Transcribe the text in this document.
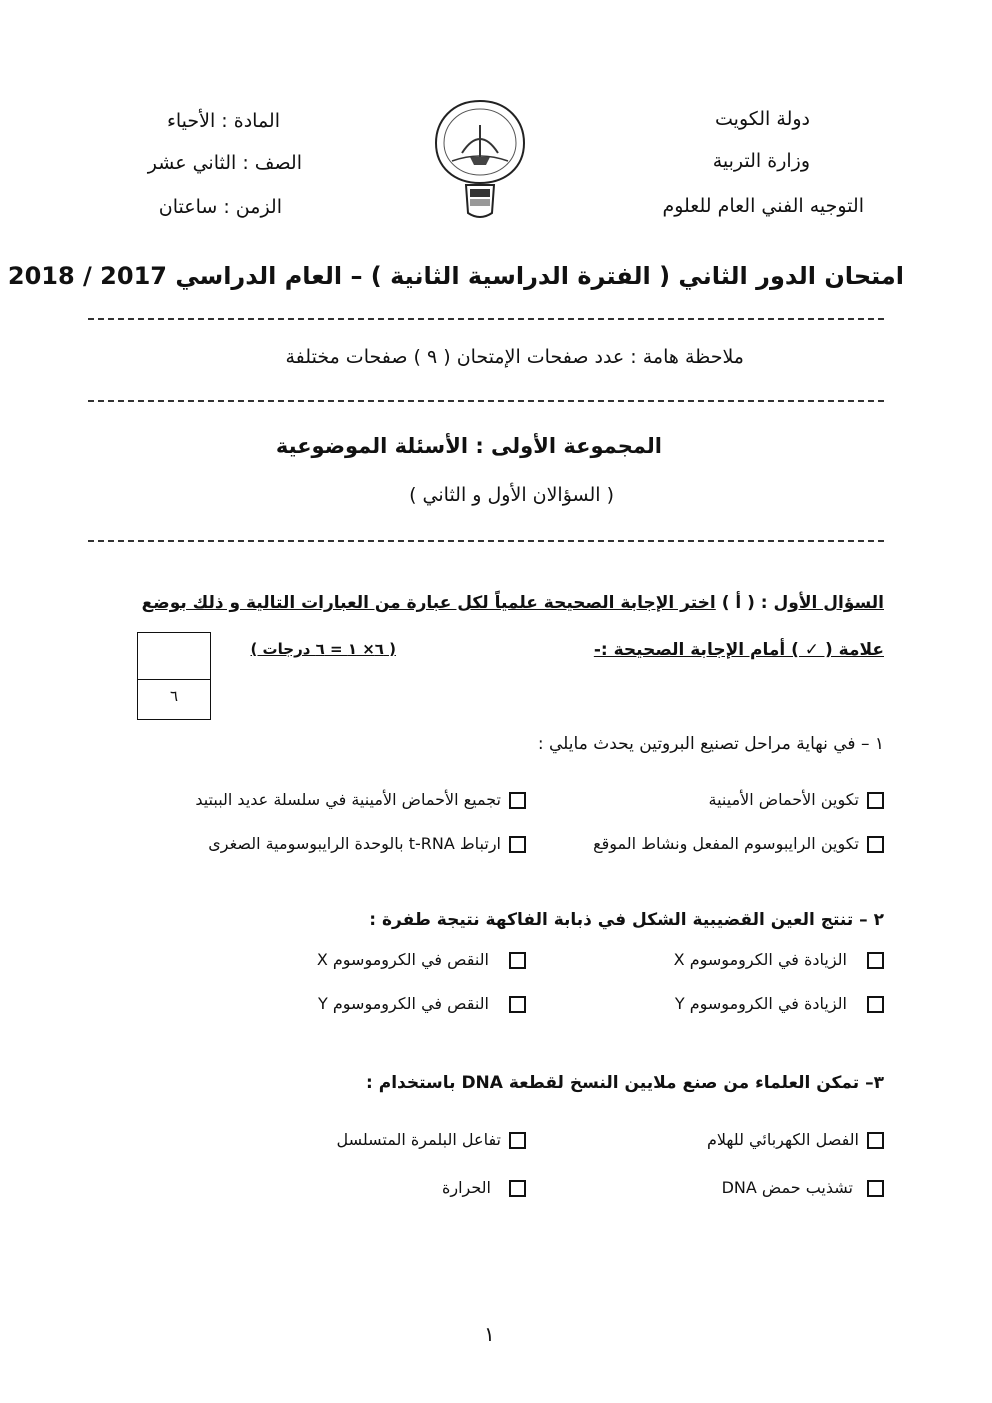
دولة الكويت
وزارة التربية
التوجيه الفني العام للعلوم
المادة : الأحياء
الصف : الثاني عشر
الزمن : ساعتان
امتحان الدور الثاني ( الفترة الدراسية الثانية ) – العام الدراسي 2017 / 2018
ملاحظة هامة : عدد صفحات الإمتحان ( ٩ ) صفحات مختلفة
المجموعة الأولى : الأسئلة الموضوعية
( السؤالان الأول و الثاني )
السؤال الأول : ( أ ) اختر الإجابة الصحيحة علمياً لكل عبارة من العبارات التالية و ذلك بوضع
علامة ( ✓ ) أمام الإجابة الصحيحة :-
( ٦× ١ = ٦ درجات )
٦
١ – في نهاية مراحل تصنيع البروتين يحدث مايلي :
تكوين الأحماض الأمينية
تجميع الأحماض الأمينية في سلسلة عديد الببتيد
تكوين الرايبوسوم المفعل ونشاط الموقع
ارتباط t-RNA بالوحدة الرايبوسومية الصغرى
٢ – تنتج العين القضيبية الشكل في ذبابة الفاكهة نتيجة طفرة :
الزيادة في الكروموسوم X
النقص في الكروموسوم X
الزيادة في الكروموسوم Y
النقص في الكروموسوم Y
٣– تمكن العلماء من صنع ملايين النسخ لقطعة DNA باستخدام :
الفصل الكهربائي للهلام
تفاعل البلمرة المتسلسل
تشذيب حمض DNA
الحرارة
١
